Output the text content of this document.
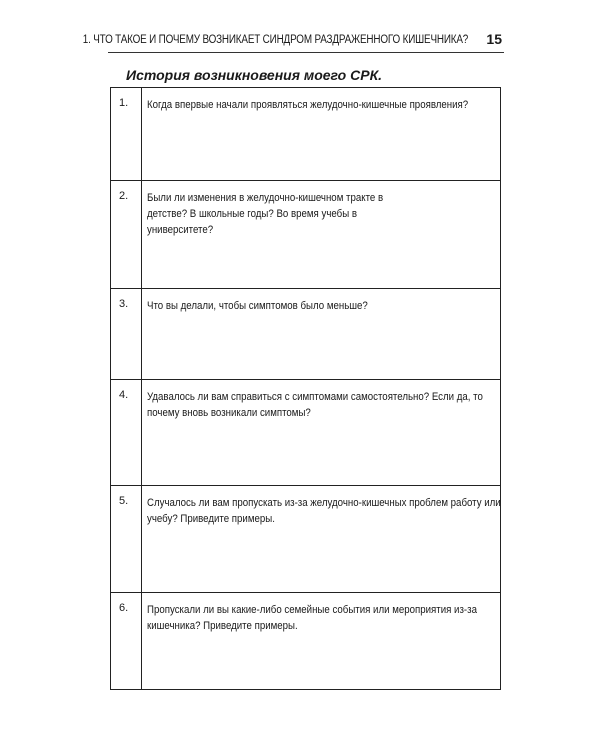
1. ЧТО ТАКОЕ И ПОЧЕМУ ВОЗНИКАЕТ СИНДРОМ РАЗДРАЖЕННОГО КИШЕЧНИКА? 15
История возникновения моего СРК.
1. Когда впервые начали проявляться желудочно-кишечные проявления?
2. Были ли изменения в желудочно-кишечном тракте в детстве? В школьные годы? Во время учебы в университете?
3. Что вы делали, чтобы симптомов было меньше?
4. Удавалось ли вам справиться с симптомами самостоятельно? Если да, то почему вновь возникали симптомы?
5. Случалось ли вам пропускать из-за желудочно-кишечных проблем работу или учебу? Приведите примеры.
6. Пропускали ли вы какие-либо семейные события или мероприятия из-за кишечника? Приведите примеры.
